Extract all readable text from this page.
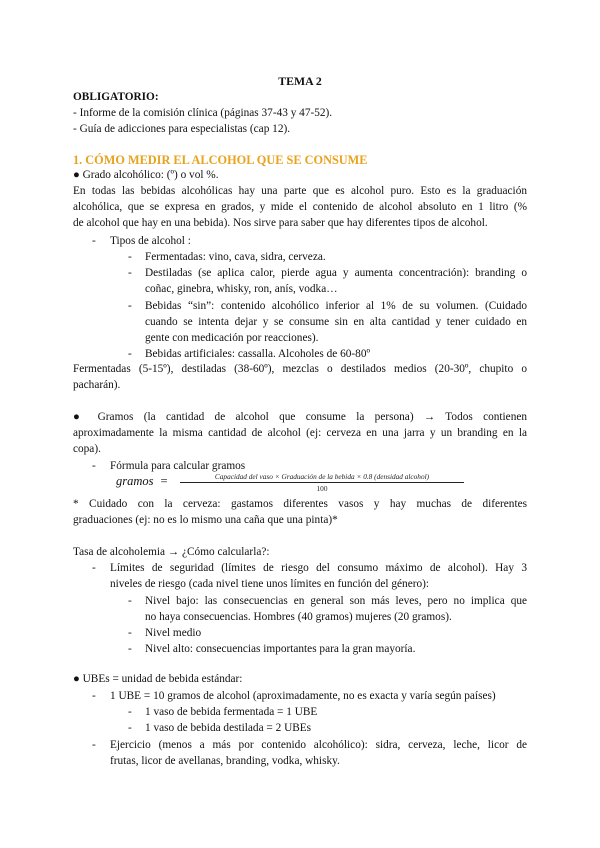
TEMA 2
OBLIGATORIO:
- Informe de la comisión clínica (páginas 37-43 y 47-52).
- Guía de adicciones para especialistas (cap 12).
1. CÓMO MEDIR EL ALCOHOL QUE SE CONSUME
● Grado alcohólico: (º) o vol %.
En todas las bebidas alcohólicas hay una parte que es alcohol puro. Esto es la graduación
alcohólica, que se expresa en grados, y mide el contenido de alcohol absoluto en 1 litro (%
de alcohol que hay en una bebida). Nos sirve para saber que hay diferentes tipos de alcohol.
- Tipos de alcohol :
- Fermentadas: vino, cava, sidra, cerveza.
- Destiladas (se aplica calor, pierde agua y aumenta concentración): branding o
coñac, ginebra, whisky, ron, anís, vodka…
- Bebidas “sin”: contenido alcohólico inferior al 1% de su volumen. (Cuidado
cuando se intenta dejar y se consume sin en alta cantidad y tener cuidado en
gente con medicación por reacciones).
- Bebidas artificiales: cassalla. Alcoholes de 60-80º
Fermentadas (5-15º), destiladas (38-60º), mezclas o destilados medios (20-30º, chupito o
pacharán).
● Gramos (la cantidad de alcohol que consume la persona) → Todos contienen
aproximadamente la misma cantidad de alcohol (ej: cerveza en una jarra y un branding en la
copa).
- Fórmula para calcular gramos
gramos  =	Capacidad del vaso × Graduación de la bebida × 0.8 (densidad alcohol)
100
* Cuidado con la cerveza: gastamos diferentes vasos y hay muchas de diferentes
graduaciones (ej: no es lo mismo una caña que una pinta)*
Tasa de alcoholemia → ¿Cómo calcularla?:
- Límites de seguridad (límites de riesgo del consumo máximo de alcohol). Hay 3
niveles de riesgo (cada nivel tiene unos límites en función del género):
- Nivel bajo: las consecuencias en general son más leves, pero no implica que
no haya consecuencias. Hombres (40 gramos) mujeres (20 gramos).
- Nivel medio
- Nivel alto: consecuencias importantes para la gran mayoría.
● UBEs = unidad de bebida estándar:
- 1 UBE = 10 gramos de alcohol (aproximadamente, no es exacta y varía según países)
- 1 vaso de bebida fermentada = 1 UBE
- 1 vaso de bebida destilada = 2 UBEs
- Ejercicio (menos a más por contenido alcohólico): sidra, cerveza, leche, licor de
frutas, licor de avellanas, branding, vodka, whisky.
